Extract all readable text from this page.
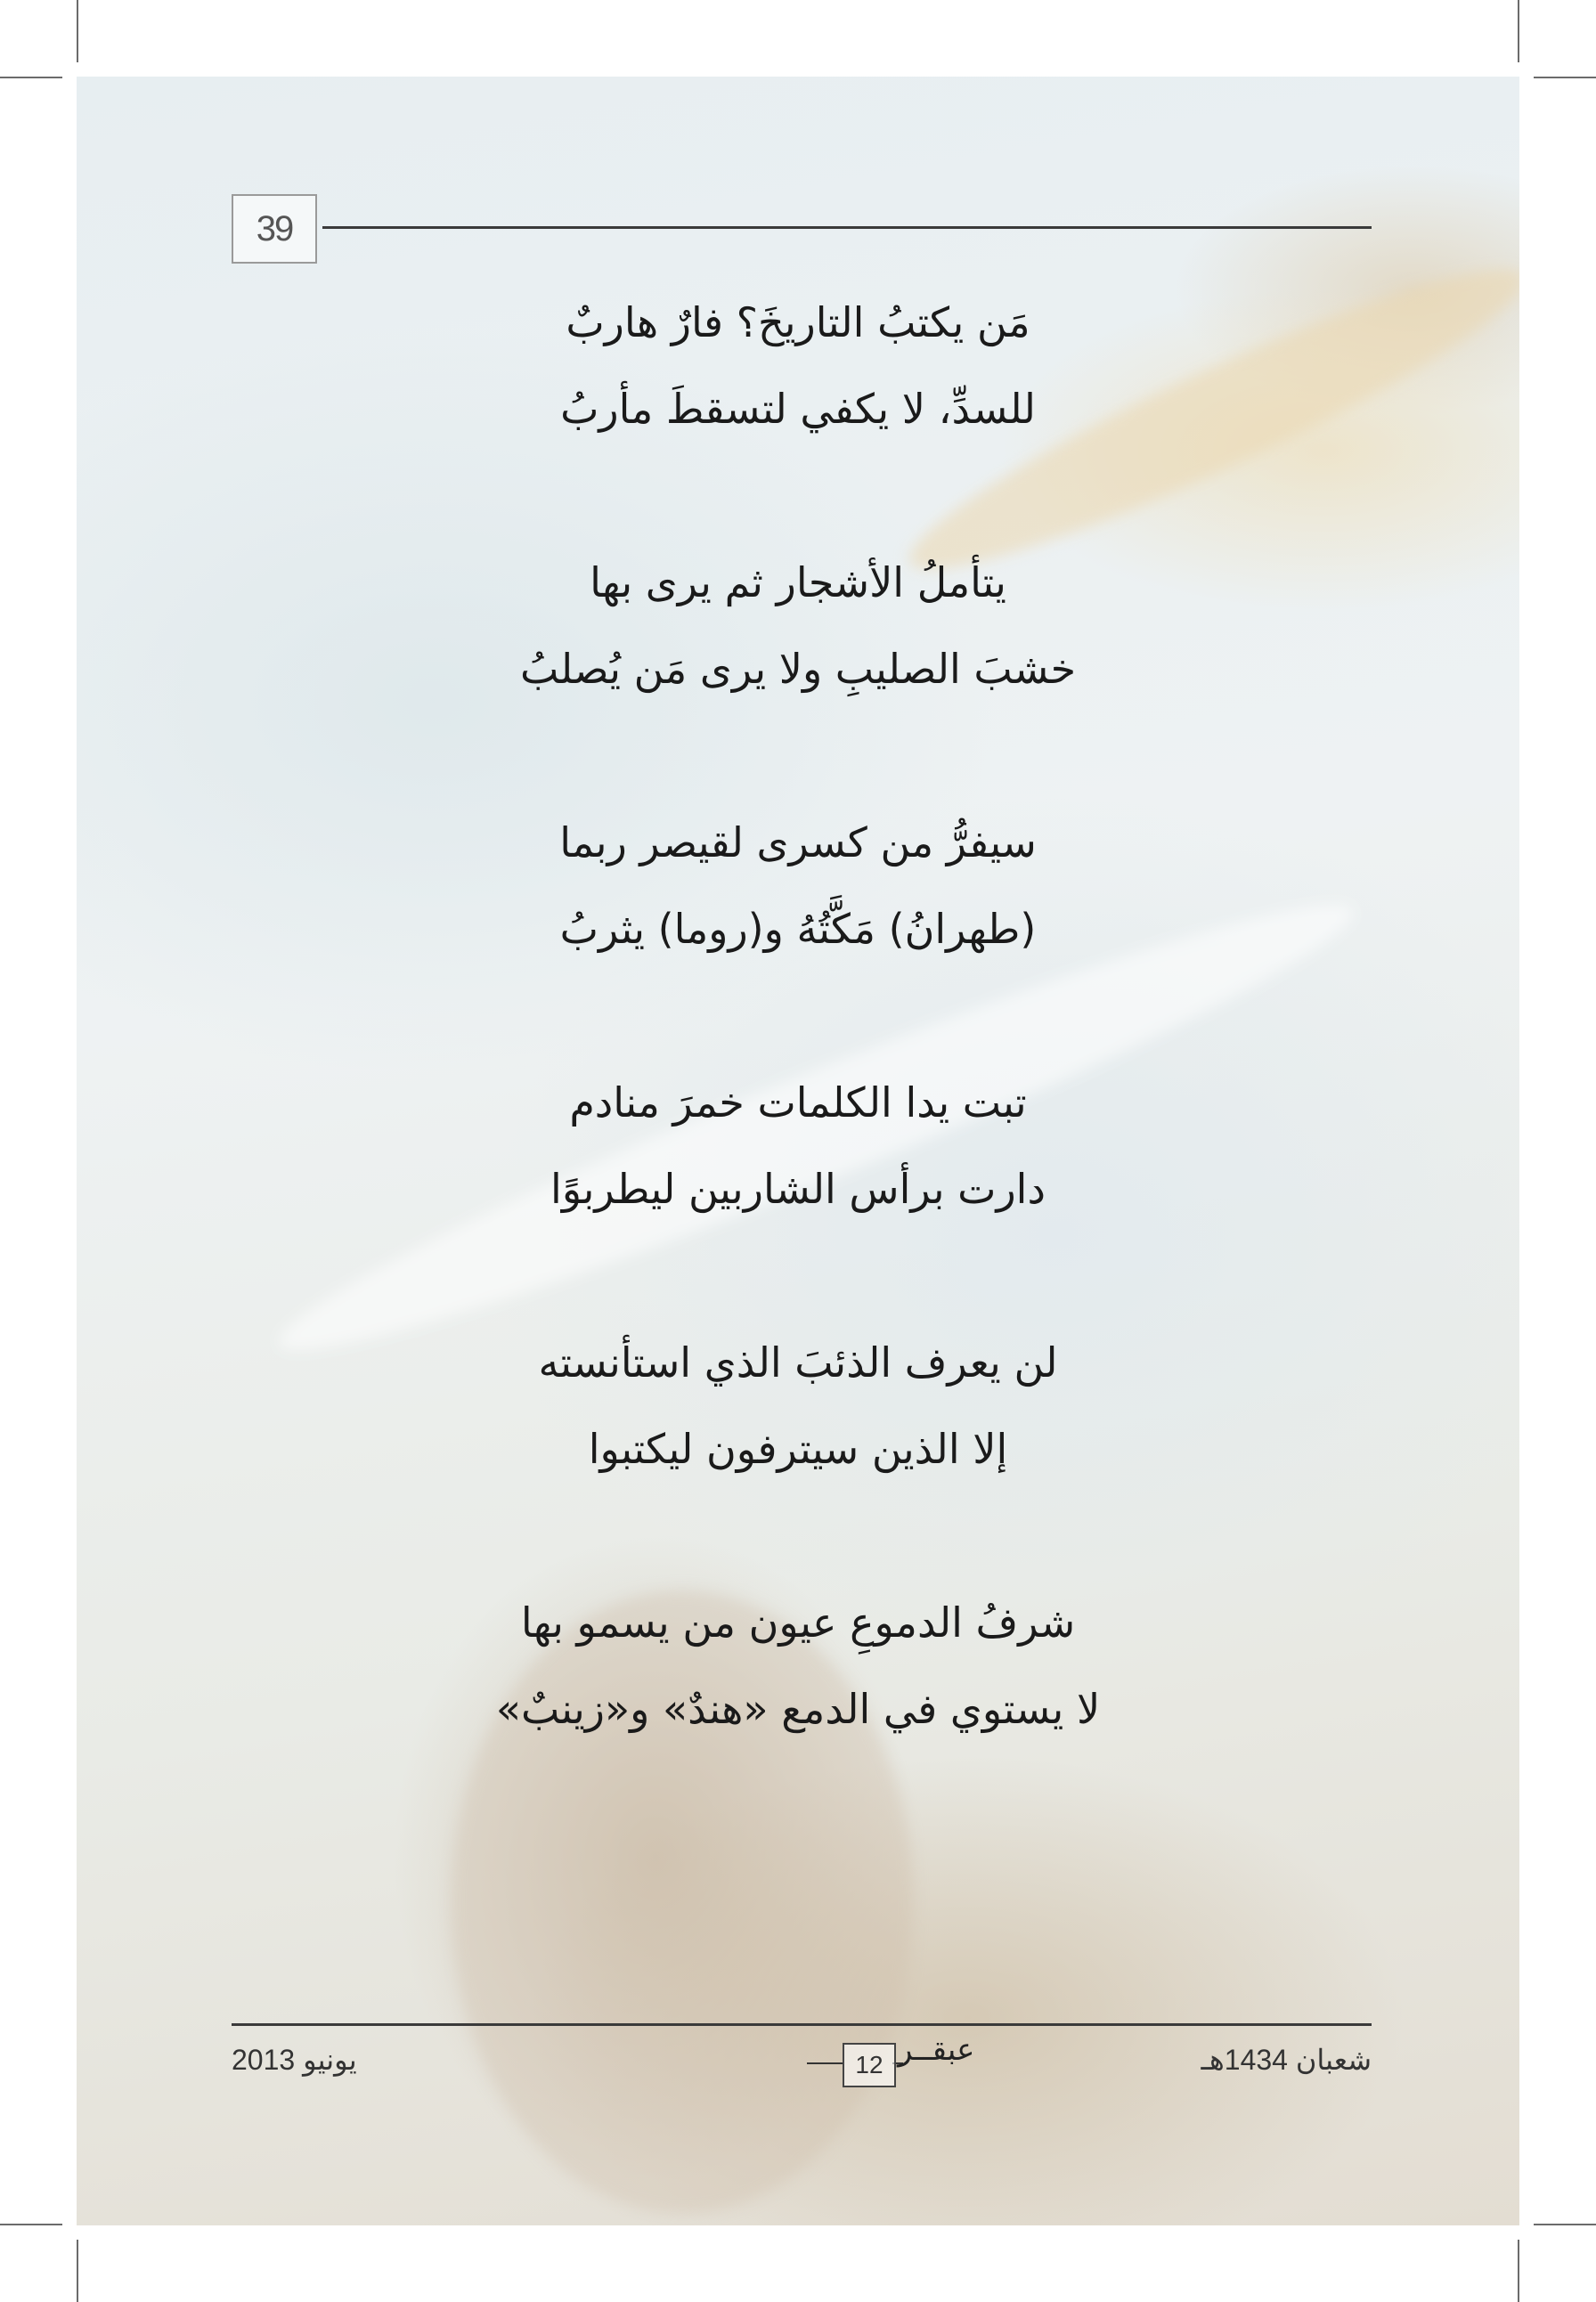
39
مَن يكتبُ التاريخَ؟ فارٌ هاربٌ
للسدِّ، لا يكفي لتسقطَ مأربُ
يتأملُ الأشجار ثم يرى بها
خشبَ الصليبِ ولا يرى مَن يُصلبُ
سيفرُّ من كسرى لقيصر ربما
(طهرانُ) مَكَّتُهُ و(روما) يثربُ
تبت يدا الكلمات خمرَ منادم
دارت برأس الشاربين ليطربوًا
لن يعرف الذئبَ الذي استأنسته
إلا الذين سيترفون ليكتبوا
شرفُ الدموعِ عيون من يسمو بها
لا يستوي في الدمع «هندٌ» و«زينبٌ»
يونيو 2013	شعبان 1434هـ
12 عبقــر
